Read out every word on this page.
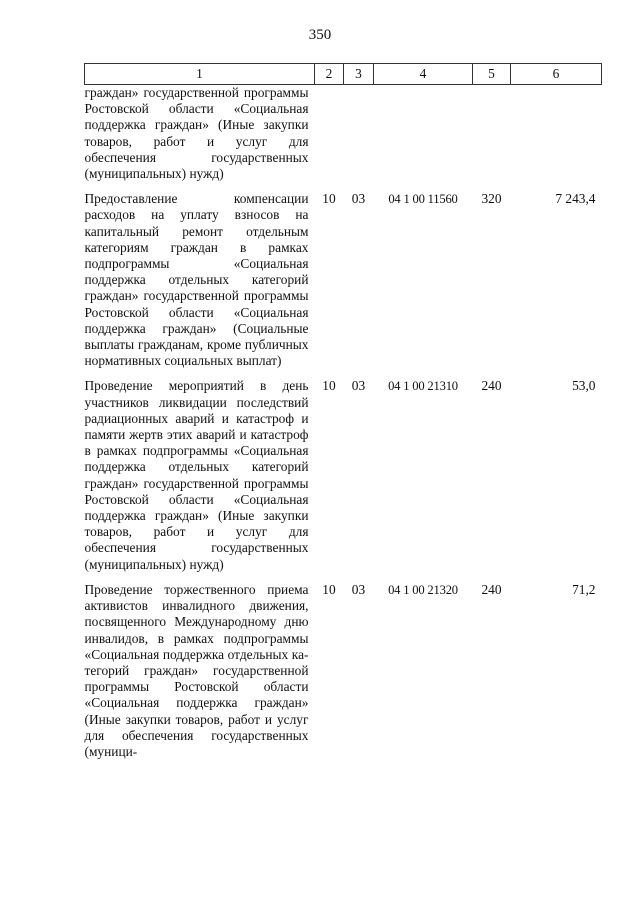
350
1	2	3	4	5	6
граждан» государственной программы Ростовской области «Социальная поддержка граждан» (Иные закупки товаров, работ и услуг для обеспечения государственных (муниципальных) нужд)					
Предоставление компенсации расходов на уплату взносов на капитальный ремонт отдельным категориям граждан в рамках подпрограммы «Социальная поддержка отдельных категорий граждан» государственной программы Ростовской области «Социальная поддержка граждан» (Социальные выплаты гражданам, кроме публичных нормативных социальных выплат)	10	03	04 1 00 11560	320	7 243,4
Проведение мероприятий в день участников ликвидации последствий радиационных аварий и катастроф и памяти жертв этих аварий и катастроф в рамках подпрограммы «Социальная поддержка отдельных категорий граждан» государственной программы Ростовской области «Социальная поддержка граждан» (Иные закупки товаров, работ и услуг для обеспечения государственных (муниципальных) нужд)	10	03	04 1 00 21310	240	53,0
Проведение торжественного приема активистов инвалидного движения, посвященного Международному дню инвалидов, в рамках подпрограммы «Социальная поддержка отдельных категорий граждан» государственной программы Ростовской области «Социальная поддержка граждан» (Иные закупки товаров, работ и услуг для обеспечения государственных (муници-	10	03	04 1 00 21320	240	71,2
